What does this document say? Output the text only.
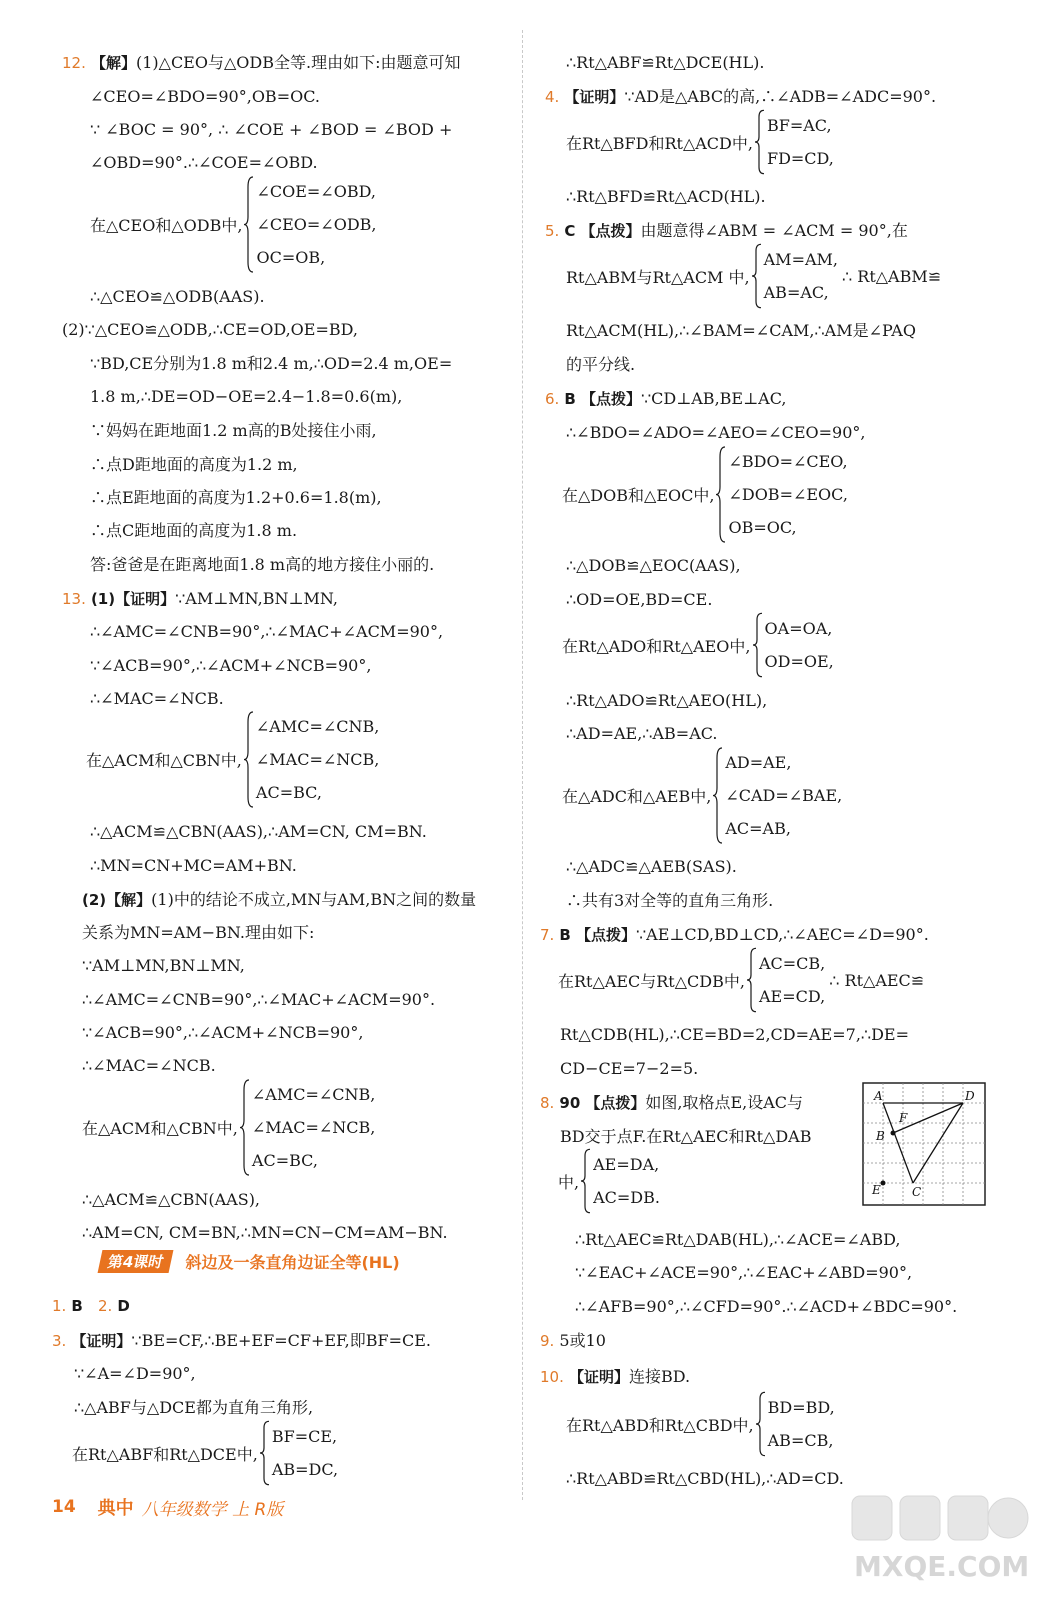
12. 【解】(1)△CEO与△ODB全等.理由如下:由题意可知
∠CEO=∠BDO=90°,OB=OC.
∵ ∠BOC = 90°, ∴ ∠COE + ∠BOD = ∠BOD +
∠OBD=90°.∴∠COE=∠OBD.
∴△CEO≌△ODB(AAS).
(2)∵△CEO≌△ODB,∴CE=OD,OE=BD,
∵BD,CE分别为1.8 m和2.4 m,∴OD=2.4 m,OE=
1.8 m,∴DE=OD−OE=2.4−1.8=0.6(m),
∵妈妈在距地面1.2 m高的B处接住小雨,
∴点D距地面的高度为1.2 m,
∴点E距地面的高度为1.2+0.6=1.8(m),
∴点C距地面的高度为1.8 m.
答:爸爸是在距离地面1.8 m高的地方接住小丽的.
13. (1)【证明】∵AM⊥MN,BN⊥MN,
∴∠AMC=∠CNB=90°,∴∠MAC+∠ACM=90°,
∵∠ACB=90°,∴∠ACM+∠NCB=90°,
∴∠MAC=∠NCB.
∴△ACM≌△CBN(AAS),∴AM=CN, CM=BN.
∴MN=CN+MC=AM+BN.
(2)【解】(1)中的结论不成立,MN与AM,BN之间的数量
关系为MN=AM−BN.理由如下:
∵AM⊥MN,BN⊥MN,
∴∠AMC=∠CNB=90°,∴∠MAC+∠ACM=90°.
∵∠ACB=90°,∴∠ACM+∠NCB=90°,
∴∠MAC=∠NCB.
∴△ACM≌△CBN(AAS),
∴AM=CN, CM=BN,∴MN=CN−CM=AM−BN.
1. B
3. 【证明】∵BE=CF,∴BE+EF=CF+EF,即BF=CE.
∵∠A=∠D=90°,
∴△ABF与△DCE都为直角三角形,
2. D
在△CEO和△ODB中,
∠COE=∠OBD,
∠CEO=∠ODB,
OC=OB,
在△ACM和△CBN中,
∠AMC=∠CNB,
∠MAC=∠NCB,
AC=BC,
在△ACM和△CBN中,
∠AMC=∠CNB,
∠MAC=∠NCB,
AC=BC,
在Rt△ABF和Rt△DCE中,
BF=CE,
AB=DC,
∴Rt△ABF≌Rt△DCE(HL).
4. 【证明】∵AD是△ABC的高,∴∠ADB=∠ADC=90°.
∴Rt△BFD≌Rt△ACD(HL).
5. C 【点拨】由题意得∠ABM = ∠ACM = 90°,在
Rt△ACM(HL),∴∠BAM=∠CAM,∴AM是∠PAQ
的平分线.
6. B 【点拨】∵CD⊥AB,BE⊥AC,
∴∠BDO=∠ADO=∠AEO=∠CEO=90°,
∴△DOB≌△EOC(AAS),
∴OD=OE,BD=CE.
∴Rt△ADO≌Rt△AEO(HL),
∴AD=AE,∴AB=AC.
∴△ADC≌△AEB(SAS).
∴共有3对全等的直角三角形.
7. B 【点拨】∵AE⊥CD,BD⊥CD,∴∠AEC=∠D=90°.
Rt△CDB(HL),∴CE=BD=2,CD=AE=7,∴DE=
CD−CE=7−2=5.
8. 90 【点拨】如图,取格点E,设AC与
BD交于点F.在Rt△AEC和Rt△DAB
∴Rt△AEC≌Rt△DAB(HL),∴∠ACE=∠ABD,
∵∠EAC+∠ACE=90°,∴∠EAC+∠ABD=90°,
∴∠AFB=90°,∴∠CFD=90°.∴∠ACD+∠BDC=90°.
9. 5或10
10. 【证明】连接BD.
∴Rt△ABD≌Rt△CBD(HL),∴AD=CD.
在Rt△BFD和Rt△ACD中,
BF=AC,
FD=CD,
Rt△ABM与Rt△ACM 中,
AM=AM,
AB=AC,
∴ Rt△ABM≌
在△DOB和△EOC中,
∠BDO=∠CEO,
∠DOB=∠EOC,
OB=OC,
在Rt△ADO和Rt△AEO中,
OA=OA,
OD=OE,
在△ADC和△AEB中,
AD=AE,
∠CAD=∠BAE,
AC=AB,
在Rt△AEC与Rt△CDB中,
AC=CB,
AE=CD,
∴ Rt△AEC≌
中,
AE=DA,
AC=DB.
在Rt△ABD和Rt△CBD中,
BD=BD,
AB=CB,
第4课时	斜边及一条直角边证全等(HL)
A	D
F
B
E	C
14 典中 八年级数学 上 R版
MXQE.COM
